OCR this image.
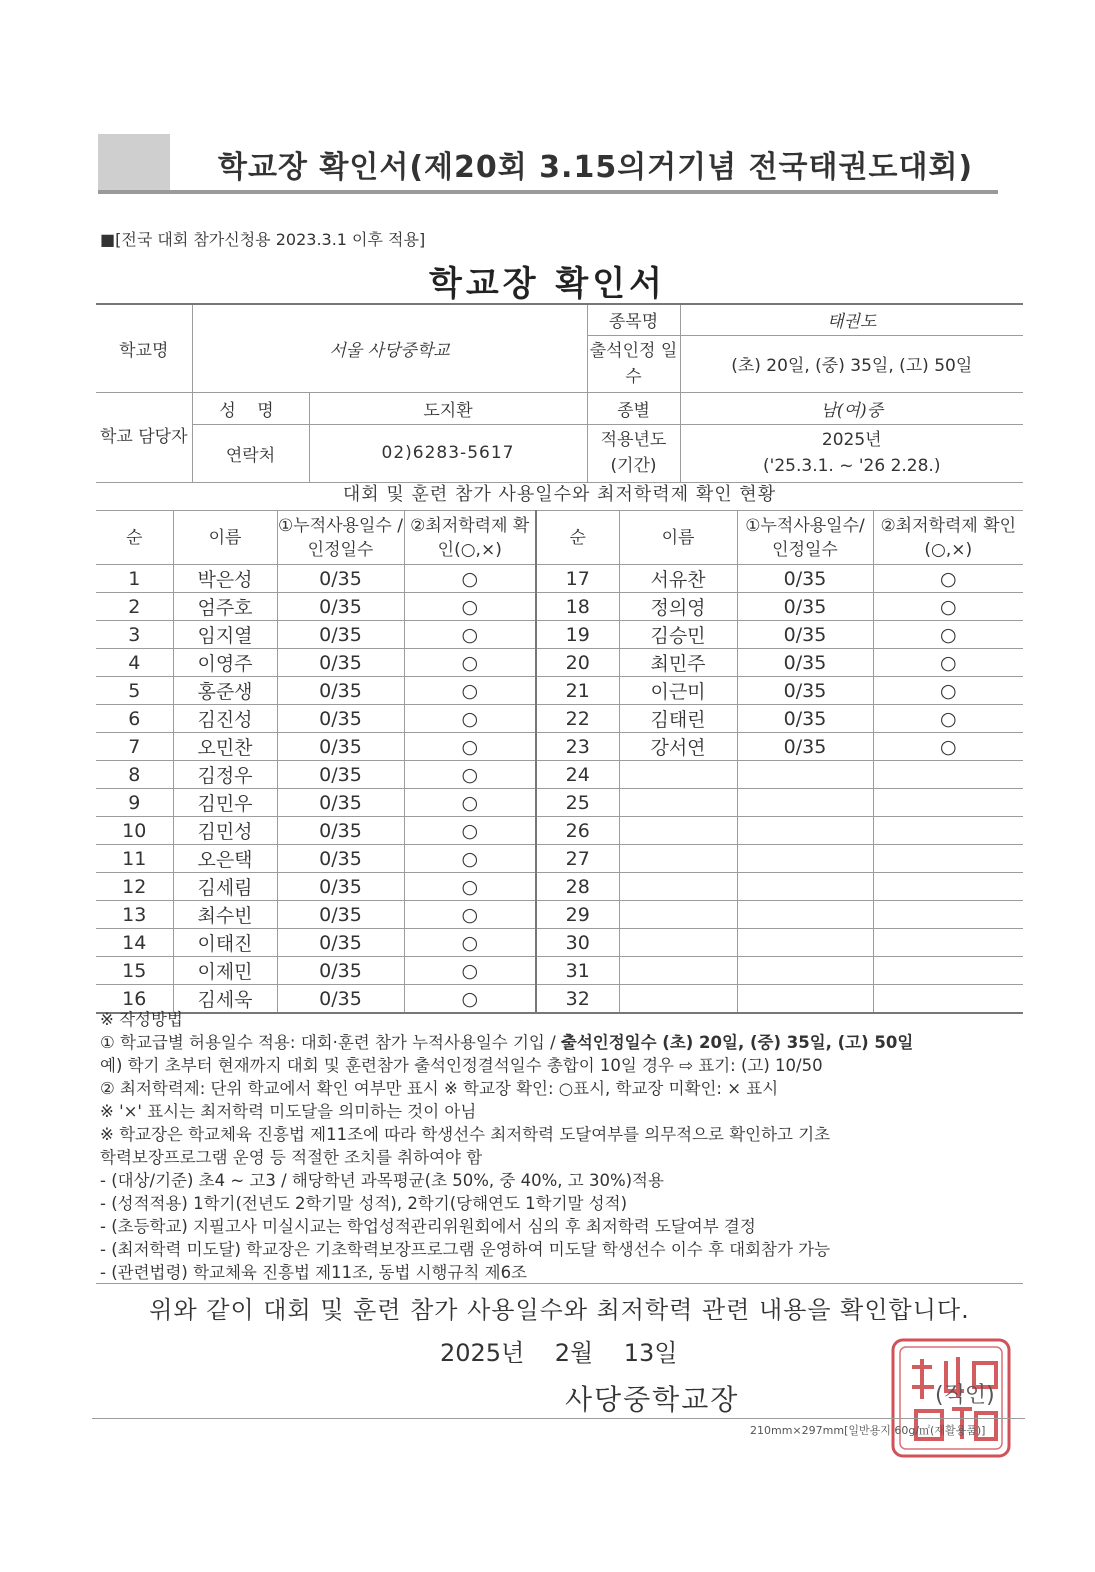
학교장 확인서(제20회 3.15의거기념 전국태권도대회)
■[전국 대회 참가신청용 2023.3.1 이후 적용]
학교장 확인서
학교명	서울 사당중학교		종목명	태권도
			출석인정 일수	(초) 20일, (중) 35일, (고) 50일
학교 담당자	성 명	도지환	종별	남(여)중
	연락처	02)6283-5617	적용년도 (기간)	2025년
('25.3.1. ~ '26 2.28.)
대회 및 훈련 참가 사용일수와 최저학력제 확인 현황
순	이름	①누적사용일수 /인정일수	②최저학력제 확인(○,×)	순	이름	①누적사용일수/ 인정일수	②최저학력제 확인(○,×)
1	박은성	0/35	○	17	서유찬	0/35	○
2	엄주호	0/35	○	18	정의영	0/35	○
3	임지열	0/35	○	19	김승민	0/35	○
4	이영주	0/35	○	20	최민주	0/35	○
5	홍준생	0/35	○	21	이근미	0/35	○
6	김진성	0/35	○	22	김태린	0/35	○
7	오민찬	0/35	○	23	강서연	0/35	○
8	김정우	0/35	○	24			
9	김민우	0/35	○	25			
10	김민성	0/35	○	26			
11	오은택	0/35	○	27			
12	김세림	0/35	○	28			
13	최수빈	0/35	○	29			
14	이태진	0/35	○	30			
15	이제민	0/35	○	31			
16	김세욱	0/35	○	32			
※ 작성방법
① 학교급별 허용일수 적용: 대회·훈련 참가 누적사용일수 기입 / 출석인정일수 (초) 20일, (중) 35일, (고) 50일
예) 학기 초부터 현재까지 대회 및 훈련참가 출석인정결석일수 총합이 10일 경우 ⇨ 표기: (고) 10/50
② 최저학력제: 단위 학교에서 확인 여부만 표시 ※ 학교장 확인: ○표시, 학교장 미확인: × 표시
※ '×' 표시는 최저학력 미도달을 의미하는 것이 아님
※ 학교장은 학교체육 진흥법 제11조에 따라 학생선수 최저학력 도달여부를 의무적으로 확인하고 기초
학력보장프로그램 운영 등 적절한 조치를 취하여야 함
- (대상/기준) 초4 ~ 고3 / 해당학년 과목평균(초 50%, 중 40%, 고 30%)적용
- (성적적용) 1학기(전년도 2학기말 성적), 2학기(당해연도 1학기말 성적)
- (초등학교) 지필고사 미실시교는 학업성적관리위원회에서 심의 후 최저학력 도달여부 결정
- (최저학력 미도달) 학교장은 기초학력보장프로그램 운영하여 미도달 학생선수 이수 후 대회참가 가능
- (관련법령) 학교체육 진흥법 제11조, 동법 시행규칙 제6조
위와 같이 대회 및 훈련 참가 사용일수와 최저학력 관련 내용을 확인합니다.
2025년    2월    13일
사당중학교장	(직인)
210mm×297mm[일반용지 60g/㎡(재활용품)]
